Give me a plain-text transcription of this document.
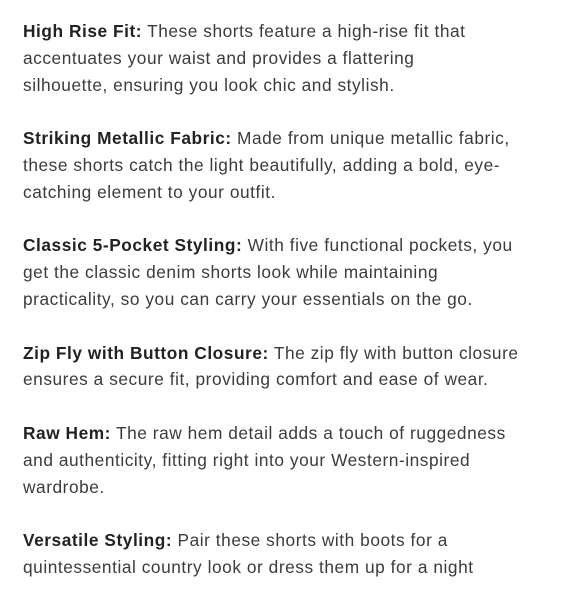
High Rise Fit: These shorts feature a high-rise fit that
accentuates your waist and provides a flattering
silhouette, ensuring you look chic and stylish.

Striking Metallic Fabric: Made from unique metallic fabric,
these shorts catch the light beautifully, adding a bold, eye-
catching element to your outfit.

Classic 5-Pocket Styling: With five functional pockets, you
get the classic denim shorts look while maintaining
practicality, so you can carry your essentials on the go.

Zip Fly with Button Closure: The zip fly with button closure
ensures a secure fit, providing comfort and ease of wear.

Raw Hem: The raw hem detail adds a touch of ruggedness
and authenticity, fitting right into your Western-inspired
wardrobe.

Versatile Styling: Pair these shorts with boots for a
quintessential country look or dress them up for a night
